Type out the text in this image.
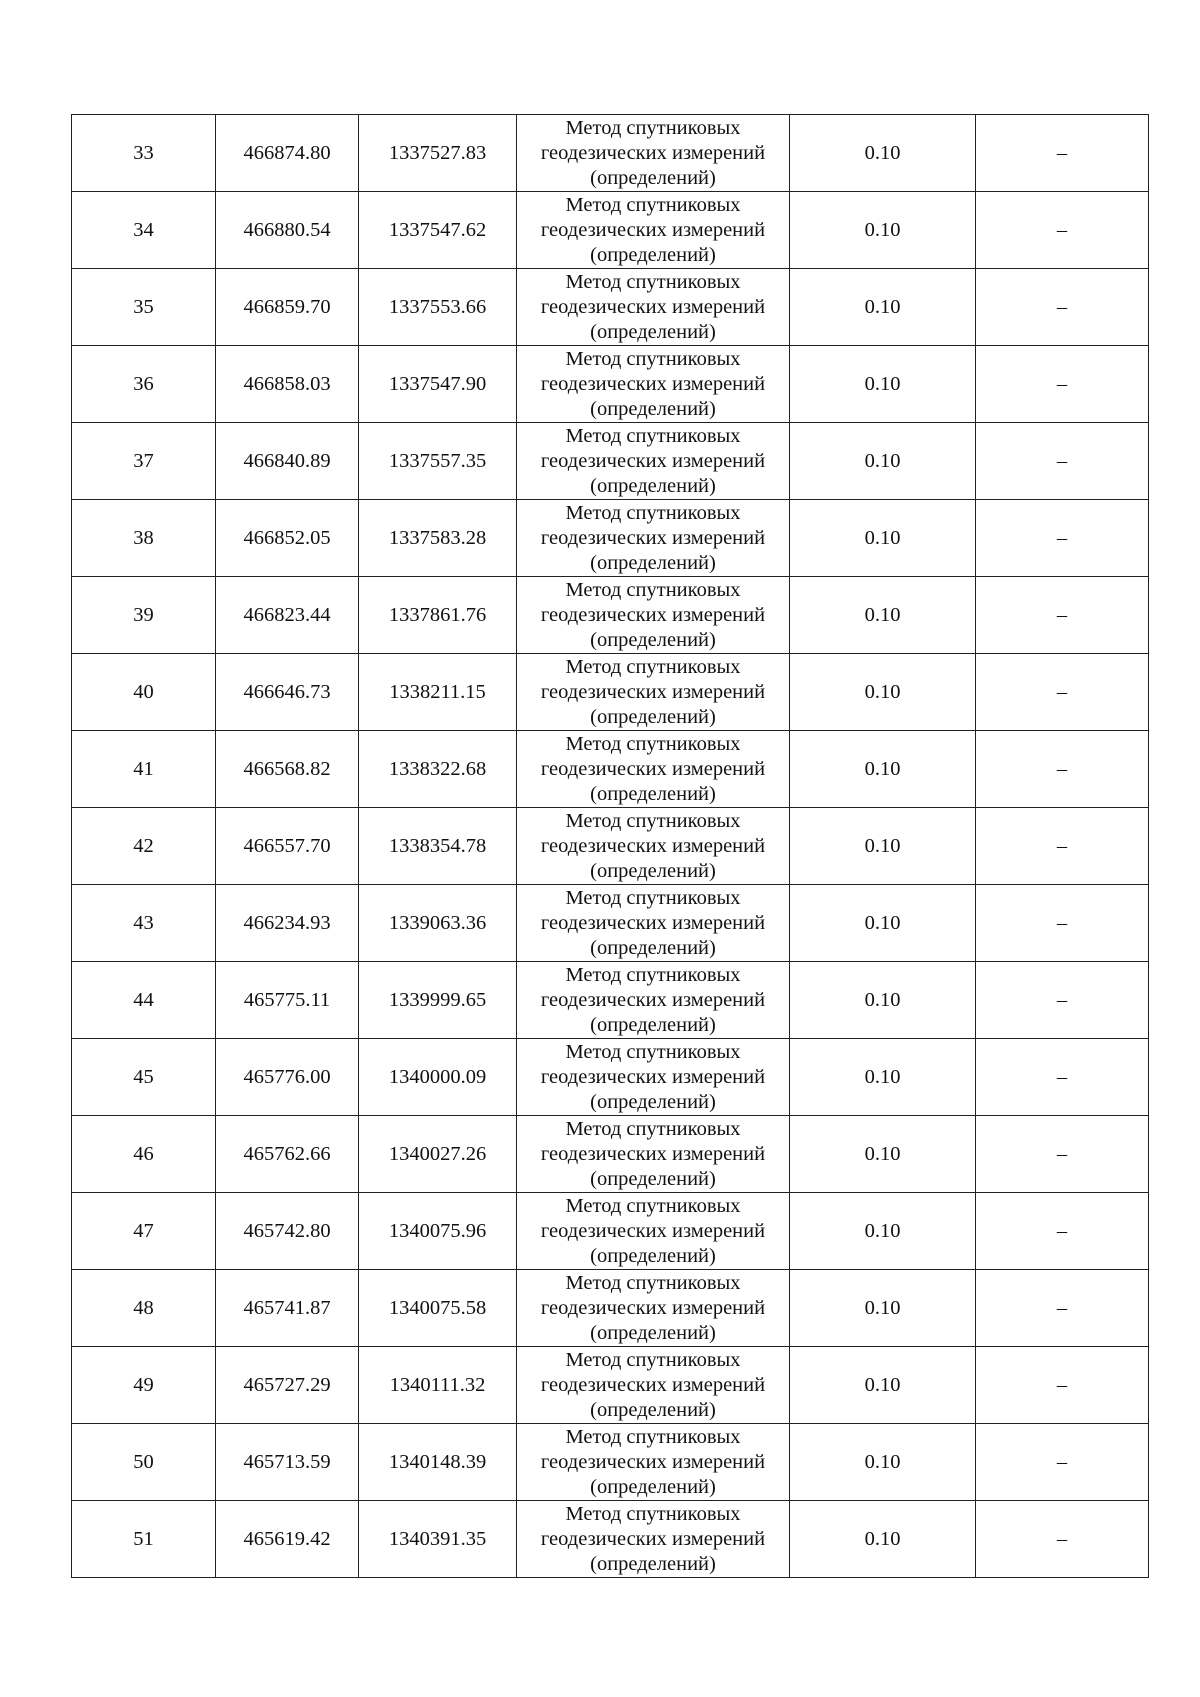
33	466874.80	1337527.83	Метод спутниковых
геодезических измерений
(определений)	0.10	–
34	466880.54	1337547.62	Метод спутниковых
геодезических измерений
(определений)	0.10	–
35	466859.70	1337553.66	Метод спутниковых
геодезических измерений
(определений)	0.10	–
36	466858.03	1337547.90	Метод спутниковых
геодезических измерений
(определений)	0.10	–
37	466840.89	1337557.35	Метод спутниковых
геодезических измерений
(определений)	0.10	–
38	466852.05	1337583.28	Метод спутниковых
геодезических измерений
(определений)	0.10	–
39	466823.44	1337861.76	Метод спутниковых
геодезических измерений
(определений)	0.10	–
40	466646.73	1338211.15	Метод спутниковых
геодезических измерений
(определений)	0.10	–
41	466568.82	1338322.68	Метод спутниковых
геодезических измерений
(определений)	0.10	–
42	466557.70	1338354.78	Метод спутниковых
геодезических измерений
(определений)	0.10	–
43	466234.93	1339063.36	Метод спутниковых
геодезических измерений
(определений)	0.10	–
44	465775.11	1339999.65	Метод спутниковых
геодезических измерений
(определений)	0.10	–
45	465776.00	1340000.09	Метод спутниковых
геодезических измерений
(определений)	0.10	–
46	465762.66	1340027.26	Метод спутниковых
геодезических измерений
(определений)	0.10	–
47	465742.80	1340075.96	Метод спутниковых
геодезических измерений
(определений)	0.10	–
48	465741.87	1340075.58	Метод спутниковых
геодезических измерений
(определений)	0.10	–
49	465727.29	1340111.32	Метод спутниковых
геодезических измерений
(определений)	0.10	–
50	465713.59	1340148.39	Метод спутниковых
геодезических измерений
(определений)	0.10	–
51	465619.42	1340391.35	Метод спутниковых
геодезических измерений
(определений)	0.10	–
